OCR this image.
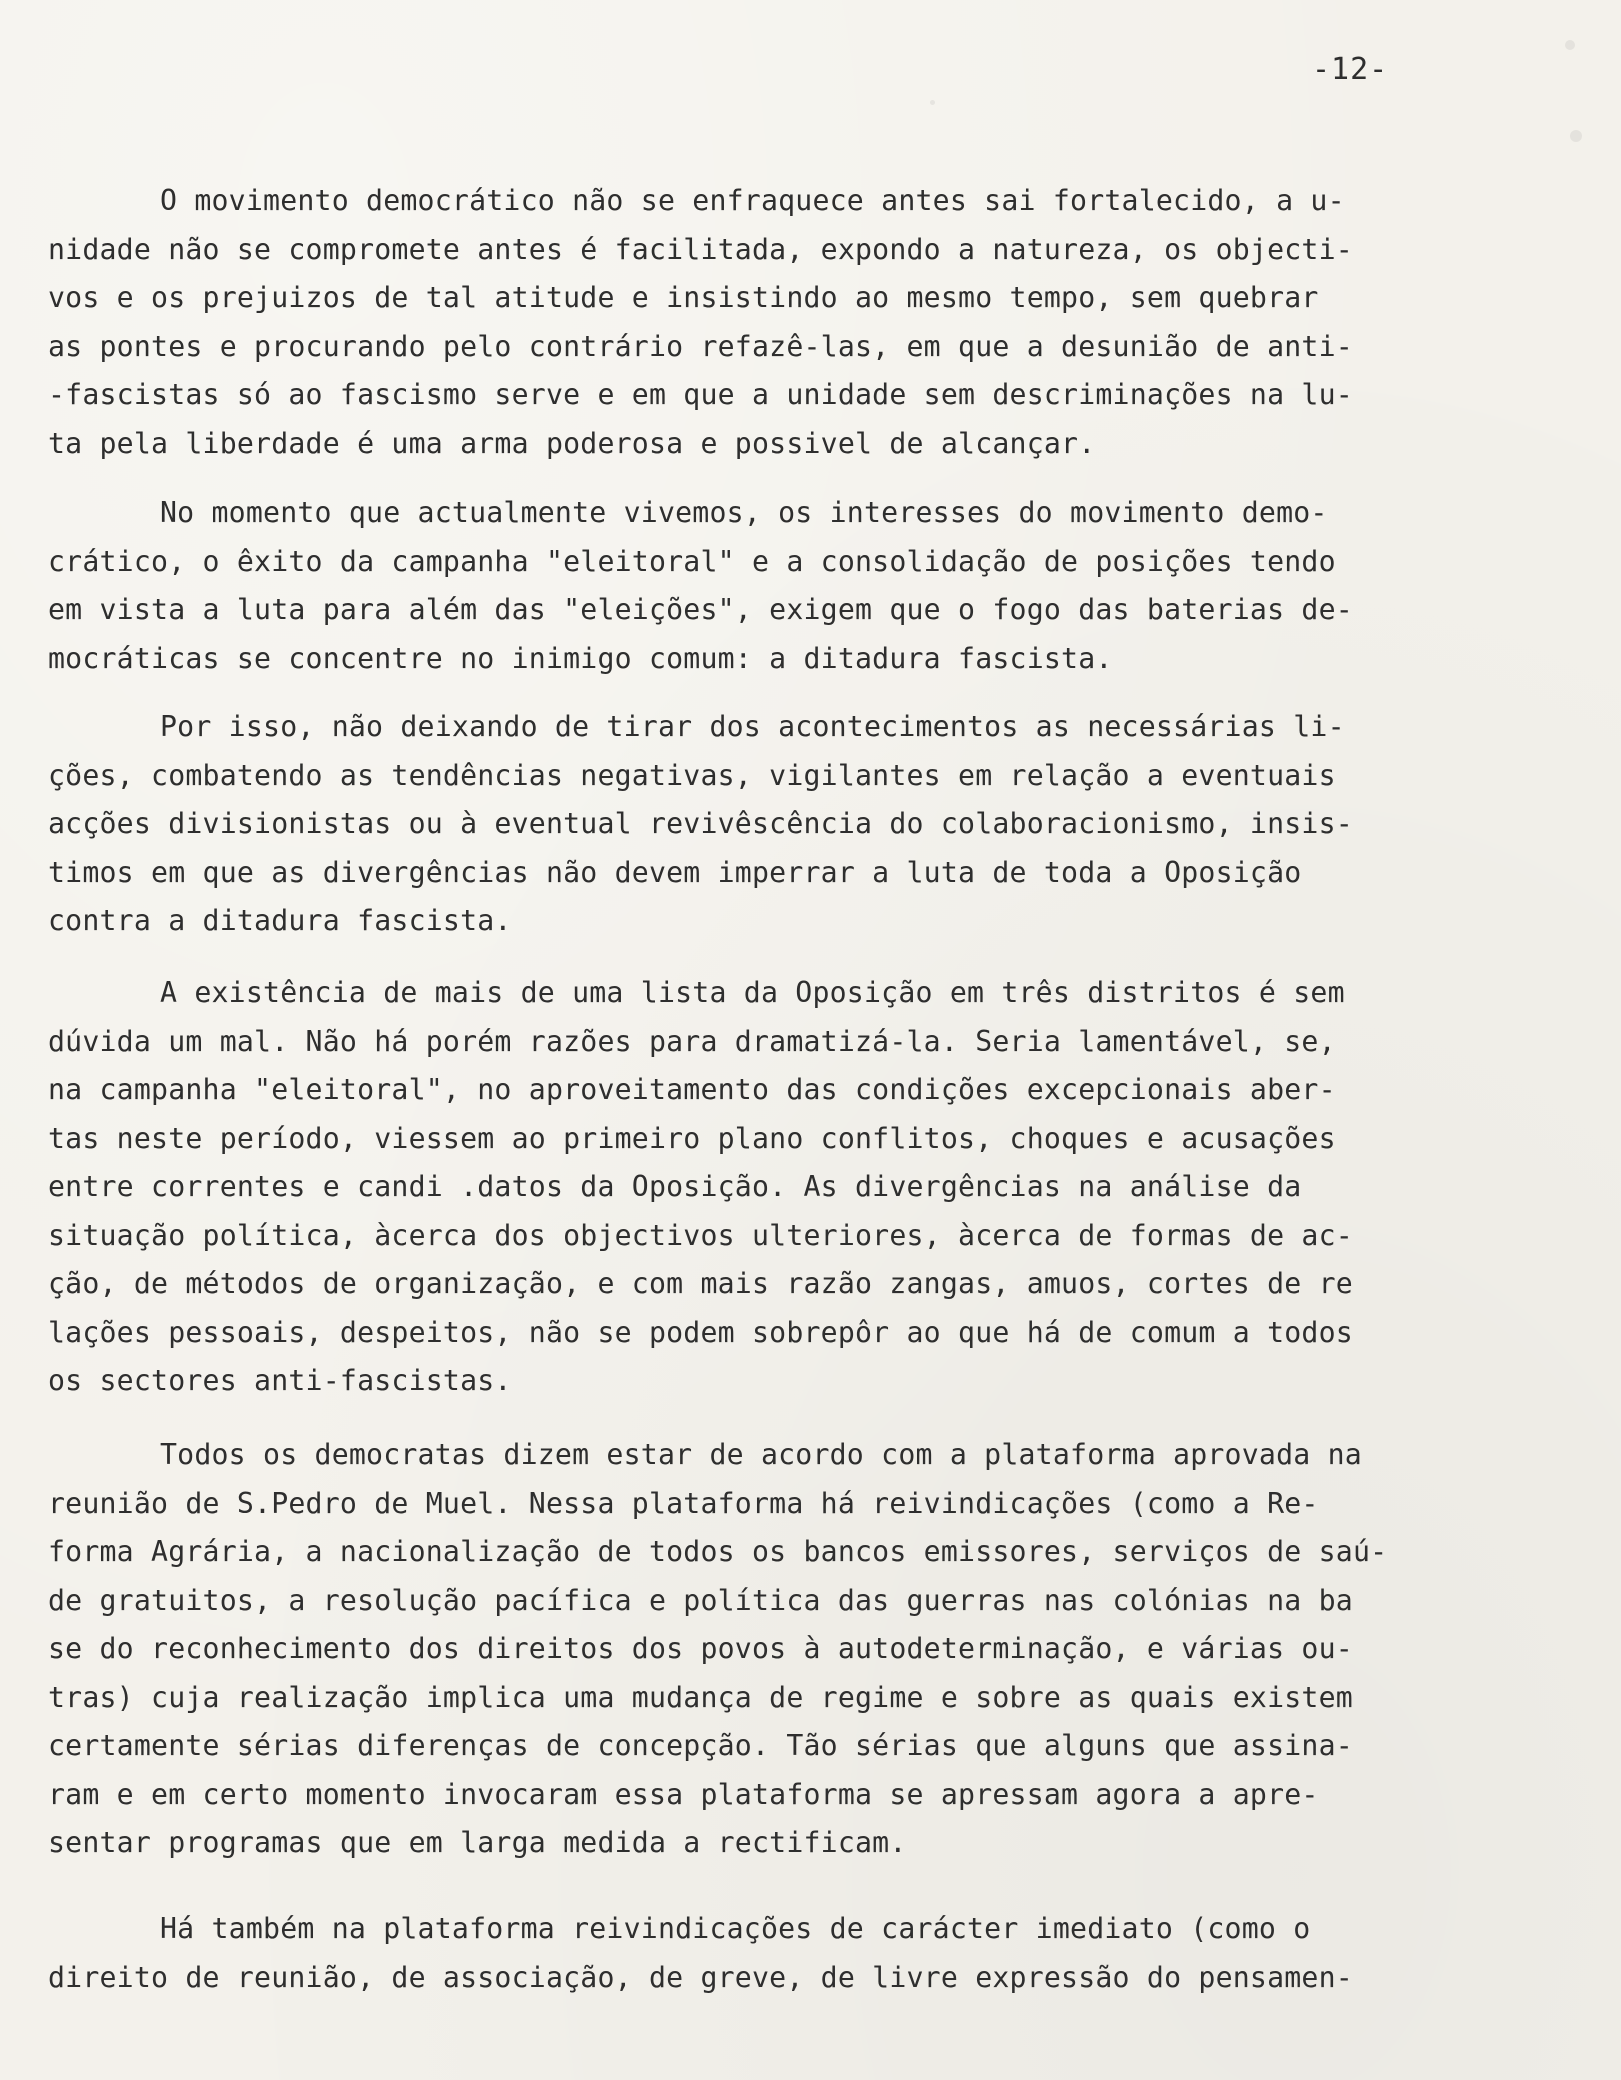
-12-
O movimento democrático não se enfraquece antes sai fortalecido, a u-
nidade não se compromete antes é facilitada, expondo a natureza, os objecti-
vos e os prejuizos de tal atitude e insistindo ao mesmo tempo, sem quebrar
as pontes e procurando pelo contrário refazê-las, em que a desunião de anti-
-fascistas só ao fascismo serve e em que a unidade sem descriminações na lu-
ta pela liberdade é uma arma poderosa e possivel de alcançar.
No momento que actualmente vivemos, os interesses do movimento demo-
crático, o êxito da campanha "eleitoral" e a consolidação de posições tendo
em vista a luta para além das "eleições", exigem que o fogo das baterias de-
mocráticas se concentre no inimigo comum: a ditadura fascista.
Por isso, não deixando de tirar dos acontecimentos as necessárias li-
ções, combatendo as tendências negativas, vigilantes em relação a eventuais
acções divisionistas ou à eventual revivêscência do colaboracionismo, insis-
timos em que as divergências não devem imperrar a luta de toda a Oposição
contra a ditadura fascista.
A existência de mais de uma lista da Oposição em três distritos é sem
dúvida um mal. Não há porém razões para dramatizá-la. Seria lamentável, se,
na campanha "eleitoral", no aproveitamento das condições excepcionais aber-
tas neste período, viessem ao primeiro plano conflitos, choques e acusações
entre correntes e candi .datos da Oposição. As divergências na análise da
situação política, àcerca dos objectivos ulteriores, àcerca de formas de ac-
ção, de métodos de organização, e com mais razão zangas, amuos, cortes de re
lações pessoais, despeitos, não se podem sobrepôr ao que há de comum a todos
os sectores anti-fascistas.
Todos os democratas dizem estar de acordo com a plataforma aprovada na
reunião de S.Pedro de Muel. Nessa plataforma há reivindicações (como a Re-
forma Agrária, a nacionalização de todos os bancos emissores, serviços de saú-
de gratuitos, a resolução pacífica e política das guerras nas colónias na ba
se do reconhecimento dos direitos dos povos à autodeterminação, e várias ou-
tras) cuja realização implica uma mudança de regime e sobre as quais existem
certamente sérias diferenças de concepção. Tão sérias que alguns que assina-
ram e em certo momento invocaram essa plataforma se apressam agora a apre-
sentar programas que em larga medida a rectificam.
Há também na plataforma reivindicações de carácter imediato (como o
direito de reunião, de associação, de greve, de livre expressão do pensamen-
